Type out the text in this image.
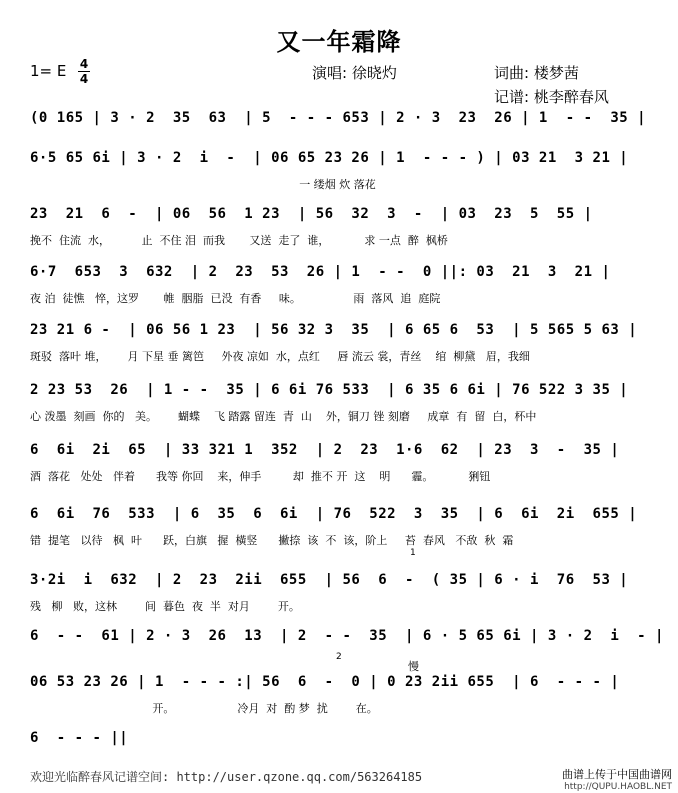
又一年霜降
1= E 4
4	演唱: 徐晓灼	词曲: 楼梦茜
记谱: 桃李醉春风
(0 165 | 3 · 2  35  63  | 5  - - - 653 | 2 · 3  23  26 | 1  - -  35 |
6·5 65 6i | 3 · 2  i  -  | 06 65 23 26 | 1  - - - ) | 03 21  3 21 |
一 缕烟 炊 落花
23  21  6  -  | 06  56  1 23  | 56  32  3  -  | 03  23  5  55 |
挽不  住流  水，         止  不住 泪  而我       又送  走了  谁，          求 一点  醉  枫桥
6·7  653  3  632  | 2  23  53  26 | 1  - -  0 ||: 03  21  3  21 |
夜 泊  徒憔   悴，这罗       帷  胭脂  已没  有香     味。               雨  落风  追  庭院
23 21 6 -  | 06 56 1 23  | 56 32 3  35  | 6 65 6  53  | 5 565 5 63 |
斑驳  落叶 堆，      月 下星 垂 篱笆     外夜 凉如  水，点红     唇 流云 裳，青丝    绾  柳黛   眉，我细
2 23 53  26  | 1 - -  35 | 6 6i 76 533  | 6 35 6 6i | 76 522 3 35 |
心 泼墨  刻画  你的   美。      蝴蝶    飞 踏露 留连  青  山    外，铜刀 锉 刻磨     成章  有  留  白，杯中
6  6i  2i  65  | 33 321 1  352  | 2  23  1·6  62  | 23  3  -  35 |
酒  落花   处处   伴着      我等 你回    来，伸手         却  推不 开  这    明      霾。          猁钮
6  6i  76  533  | 6  35  6  6i  | 76  522  3  35  | 6  6i  2i  655 |
错  提笔   以待   枫  叶      跃，白旗   握  橫竖      撇捺  该  不  该，阶上     苔  春风   不敌  秋  霜
1
3·2i  i  632  | 2  23  2ii  655  | 56  6  -  ( 35 | 6 · i  76  53 |
残   柳   败，这林        间  暮色  夜  半  对月        开。
6  - -  61 | 2 · 3  26  13  | 2  - -  35  | 6 · 5 65 6i | 3 · 2  i  - |
2
慢
06 53 23 26 | 1  - - - :| 56  6  -  0 | 0 23 2ii 655  | 6  - - - |
开。                  冷月  对  酌 梦  扰        在。
6  - - - ||
欢迎光临醉春风记谱空间: http://user.qzone.qq.com/563264185	曲谱上传于中国曲谱网
http://QUPU.HAOBL.NET
